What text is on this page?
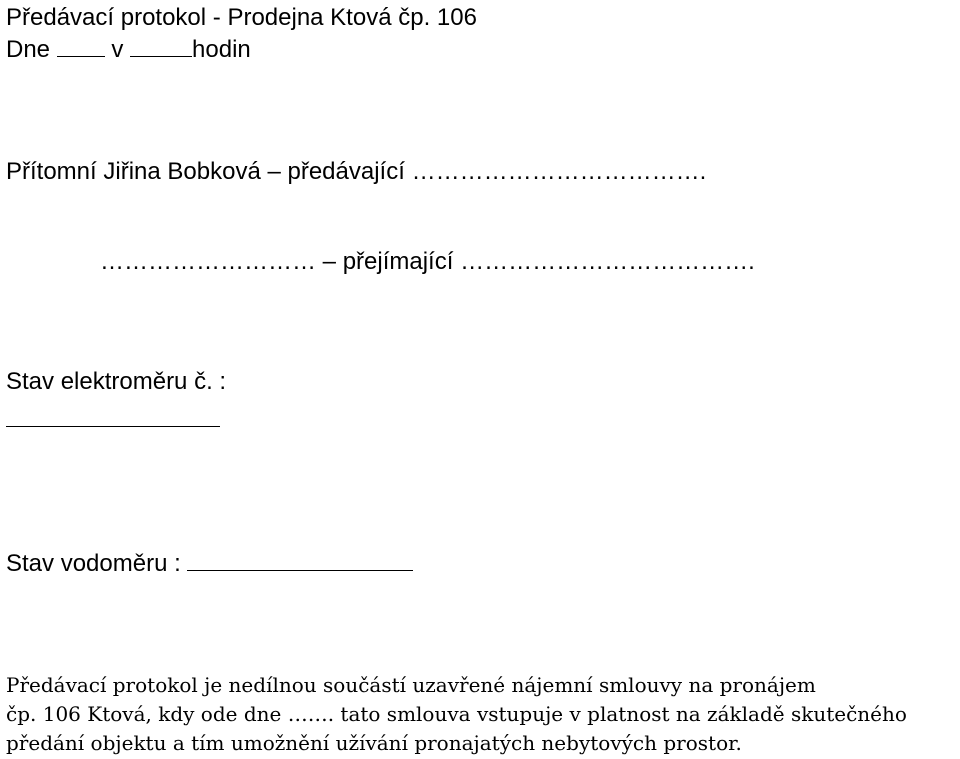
Předávací protokol - Prodejna Ktová čp. 106
Dne	v	hodin
Přítomní Jiřina Bobková – předávající ……………………………….
……………………… – přejímající ……………………………….
Stav elektroměru č. :
Stav vodoměru :
Předávací protokol je nedílnou součástí uzavřené nájemní smlouvy na pronájem
čp. 106 Ktová, kdy ode dne ……. tato smlouva vstupuje v platnost na základě skutečného
předání objektu a tím umožnění užívání pronajatých nebytových prostor.
